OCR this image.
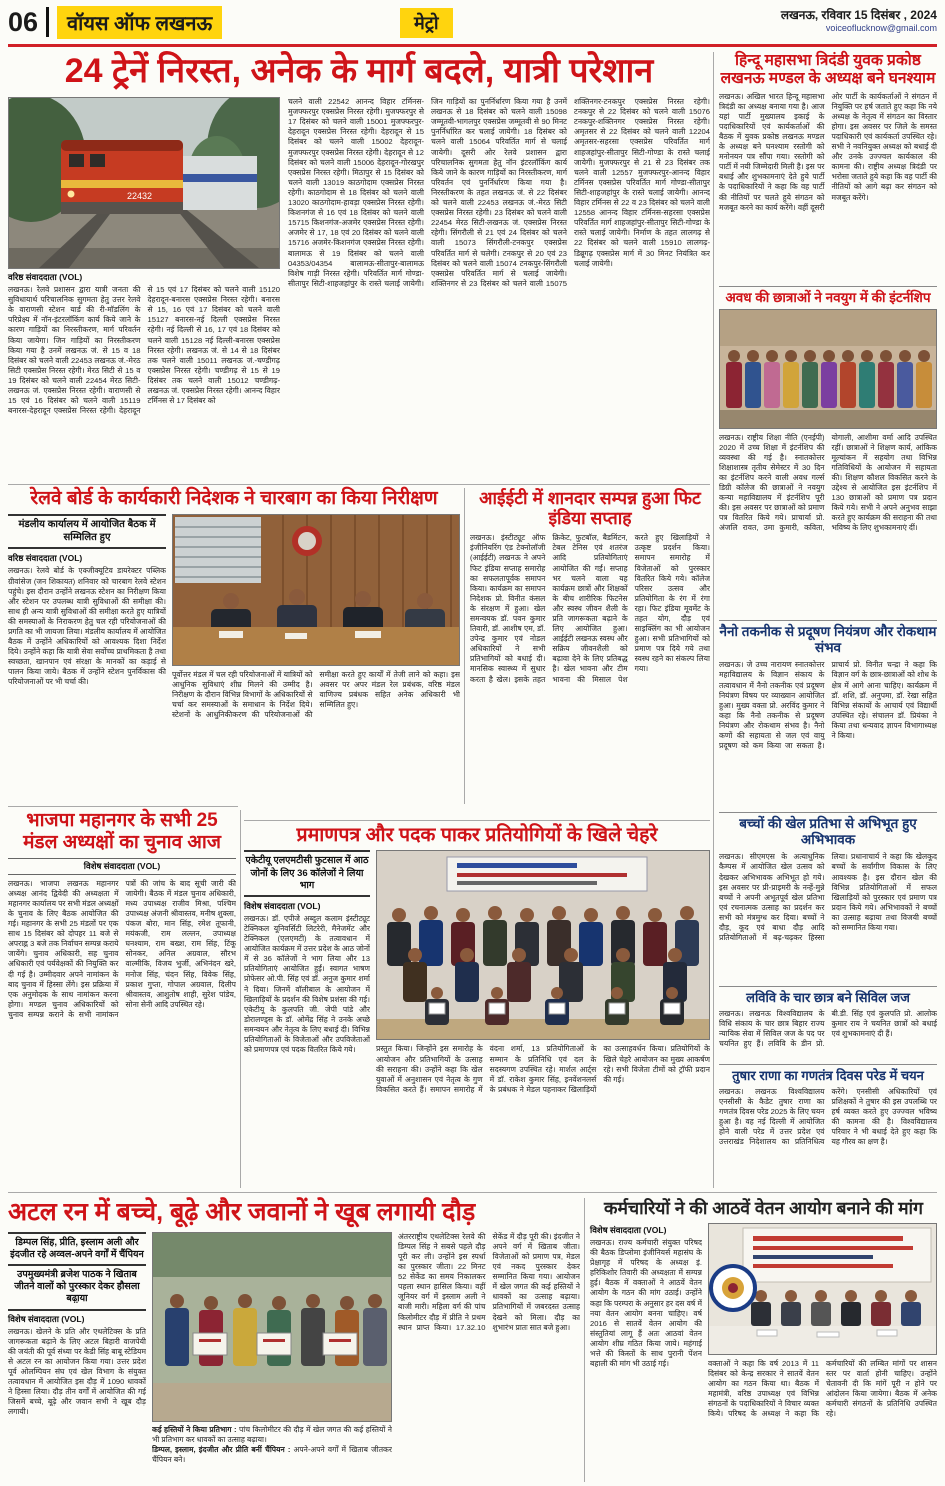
06	वॉयस ऑफ लखनऊ	मेट्रो	लखनऊ, रविवार 15 दिसंबर , 2024
voiceoflucknow@gmail.com
24 ट्रेनें निरस्त, अनेक के मार्ग बदले, यात्री परेशान
22432
वरिष्ठ संवाददाता (VOL)
लखनऊ। रेलवे प्रशासन द्वारा यात्री जनता की सुविधायार्थ परिचालनिक सुगमता हेतु उत्तर रेलवे के वाराणसी स्टेशन यार्ड की री-मॉडलिंग के परिप्रेक्ष्य में नॉन-इंटरलॉकिंग कार्य किये जाने के कारण गाड़ियों का निरस्तीकरण, मार्ग परिवर्तन किया जायेगा। जिन गाड़ियों का निरस्तीकरण किया गया है उनमें लखनऊ जं. से 15 व 18 दिसंबर को चलने वाली 22453 लखनऊ जं.-मेरठ सिटी एक्सप्रेस निरस्त रहेगी। मेरठ सिटी से 15 व 19 दिसंबर को चलने वाली 22454 मेरठ सिटी-लखनऊ जं. एक्सप्रेस निरस्त रहेगी। वाराणसी से 15 एवं 16 दिसंबर को चलने वाली 15119 बनारस-देहरादून एक्सप्रेस निरस्त रहेगी। देहरादून से 15 एवं 17 दिसंबर को चलने वाली 15120 देहरादून-बनारस एक्सप्रेस निरस्त रहेगी। बनारस से 15, 16 एवं 17 दिसंबर को चलने वाली 15127 बनारस-नई दिल्ली एक्सप्रेस निरस्त रहेगी। नई दिल्ली से 16, 17 एवं 18 दिसंबर को चलने वाली 15128 नई दिल्ली-बनारस एक्सप्रेस निरस्त रहेगी। लखनऊ जं. से 14 से 18 दिसंबर तक चलने वाली 15011 लखनऊ जं.-चण्डीगढ़ एक्सप्रेस निरस्त रहेगी। चण्डीगढ़ से 15 से 19 दिसंबर तक चलने वाली 15012 चण्डीगढ़-लखनऊ जं. एक्सप्रेस निरस्त रहेगी। आनन्द विहार टर्मिनस से 17 दिसंबर को
चलने वाली 22542 आनन्द विहार टर्मिनस-मुजफ्फरपुर एक्सप्रेस निरस्त रहेगी। मुजफ्फरपुर से 17 दिसंबर को चलने वाली 15001 मुजफ्फरपुर-देहरादून एक्सप्रेस निरस्त रहेगी। देहरादून से 15 दिसंबर को चलने वाली 15002 देहरादून-मुजफ्फरपुर एक्सप्रेस निरस्त रहेगी। देहरादून से 12 दिसंबर को चलने वाली 15006 देहरादून-गोरखपुर एक्सप्रेस निरस्त रहेगी। मिठापुर से 15 दिसंबर को चलने वाली 13019 काठगोदाम एक्सप्रेस निरस्त रहेगी। काठगोदाम से 18 दिसंबर को चलने वाली 13020 काठगोदाम-हावड़ा एक्सप्रेस निरस्त रहेगी। किशनगंज से 16 एवं 18 दिसंबर को चलने वाली 15715 किशनगंज-अजमेर एक्सप्रेस निरस्त रहेगी। अजमेर से 17, 18 एवं 20 दिसंबर को चलने वाली 15716 अजमेर-किशनगंज एक्सप्रेस निरस्त रहेगी। बालामऊ से 19 दिसंबर को चलने वाली 04353/04354 बालामऊ-सीतापुर-बालामऊ विशेष गाड़ी निरस्त रहेगी। परिवर्तित मार्ग गोण्डा-सीतापुर सिटी-शाहजहांपुर के रास्ते चलाई जायेगी। जिन गाड़ियों का पुनर्निर्धारण किया गया है उनमें लखनऊ से 18 दिसंबर को चलने वाली 15098 जम्मूतवी-भागलपुर एक्सप्रेस जम्मूतवी से 90 मिनट पुनर्निर्धारित कर चलाई जायेगी। 18 दिसंबर को चलने वाली 15064 परिवर्तित मार्ग से चलाई जायेगी। दूसरी ओर रेलवे प्रशासन द्वारा परिचालनिक सुगमता हेतु नॉन इंटरलॉकिंग कार्य किये जाने के कारण गाड़ियों का निरस्तीकरण, मार्ग परिवर्तन एवं पुनर्निर्धारण किया गया है। निरस्तीकरण के तहत लखनऊ जं. से 22 दिसंबर को चलने वाली 22453 लखनऊ जं.-मेरठ सिटी एक्सप्रेस निरस्त रहेगी। 23 दिसंबर को चलने वाली 22454 मेरठ सिटी-लखनऊ जं. एक्सप्रेस निरस्त रहेगी। सिंगरौली से 21 एवं 24 दिसंबर को चलने वाली 15073 सिंगरौली-टनकपुर एक्सप्रेस परिवर्तित मार्ग से चलेगी। टनकपुर से 20 एवं 23 दिसंबर को चलने वाली 15074 टनकपुर-सिंगरौली एक्सप्रेस परिवर्तित मार्ग से चलाई जायेगी। शक्तिनगर से 23 दिसंबर को चलने वाली 15075 शक्तिनगर-टनकपुर एक्सप्रेस निरस्त रहेगी। टनकपुर से 22 दिसंबर को चलने वाली 15076 टनकपुर-शक्तिनगर एक्सप्रेस निरस्त रहेगी। अमृतसर से 22 दिसंबर को चलने वाली 12204 अमृतसर-सहरसा एक्सप्रेस परिवर्तित मार्ग शाहजहांपुर-सीतापुर सिटी-गोण्डा के रास्ते चलाई जायेगी। मुजफ्फरपुर से 21 से 23 दिसंबर तक चलने वाली 12557 मुजफ्फरपुर-आनन्द विहार टर्मिनस एक्सप्रेस परिवर्तित मार्ग गोण्डा-सीतापुर सिटी-शाहजहांपुर के रास्ते चलाई जायेगी। आनन्द विहार टर्मिनस से 22 व 23 दिसंबर को चलने वाली 12558 आनन्द विहार टर्मिनस-सहरसा एक्सप्रेस परिवर्तित मार्ग शाहजहांपुर-सीतापुर सिटी-गोण्डा के रास्ते चलाई जायेगी। निर्माण के तहत लालगढ़ से 22 दिसंबर को चलने वाली 15910 लालगढ़-डिब्रूगढ़ एक्सप्रेस मार्ग में 30 मिनट नियंत्रित कर चलाई जायेगी।
हिन्दू महासभा त्रिदंडी युवक प्रकोष्ठ लखनऊ मण्डल के अध्यक्ष बने घनश्याम
लखनऊ। अखिल भारत हिन्दू महासभा त्रिदंडी का अध्यक्ष बनाया गया है। आज यहां पार्टी मुख्यालय इकाई के पदाधिकारियों एवं कार्यकर्ताओं की बैठक में युवक प्रकोष्ठ लखनऊ मण्डल के अध्यक्ष बने घनश्याम रस्तोगी को मनोनयन पत्र सौंपा गया। रस्तोगी को पार्टी में नयी जिम्मेदारी मिली है। इस पर बधाई और शुभकामनाएं देते हुये पार्टी के पदाधिकारियों ने कहा कि वह पार्टी की नीतियों पर चलते हुये संगठन को मजबूत करने का कार्य करेंगे। वहीं दूसरी ओर पार्टी के कार्यकर्ताओं ने संगठन में नियुक्ति पर हर्ष जताते हुए कहा कि नये अध्यक्ष के नेतृत्व में संगठन का विस्तार होगा। इस अवसर पर जिले के समस्त पदाधिकारी एवं कार्यकर्ता उपस्थित रहे। सभी ने नवनियुक्त अध्यक्ष को बधाई दी और उनके उज्ज्वल कार्यकाल की कामना की। राष्ट्रीय अध्यक्ष त्रिदंडी पर भरोसा जताते हुये कहा कि वह पार्टी की नीतियों को आगे बढ़ा कर संगठन को मजबूत करेंगे।
अवध की छात्राओं ने नवयुग में की इंटर्नशिप
लखनऊ। राष्ट्रीय शिक्षा नीति (एनईपी) 2020 में उच्च शिक्षा में इंटर्नशिप की व्यवस्था की गई है। स्नातकोत्तर शिक्षाशास्त्र तृतीय सेमेस्टर में 30 दिन का इंटर्नशिप करने वाली अवध गर्ल्स डिग्री कॉलेज की छात्राओं ने नवयुग कन्या महाविद्यालय में इंटर्नशिप पूरी की। इस अवसर पर छात्राओं को प्रमाण पत्र वितरित किये गये। प्राचार्या प्रो. अंजलि रावत, उमा कुमारी, कविता, योगाली, आशीमा वर्मा आदि उपस्थित रहीं। छात्राओं ने शिक्षण कार्य, आंकिक मूल्यांकन में सहयोग तथा विभिन्न गतिविधियों के आयोजन में सहायता की। शिक्षण कौशल विकसित करने के उद्देश्य से आयोजित इस इंटर्नशिप में 130 छात्राओं को प्रमाण पत्र प्रदान किये गये। सभी ने अपने अनुभव साझा करते हुए कार्यक्रम की सराहना की तथा भविष्य के लिए शुभकामनाएं दीं।
नैनो तकनीक से प्रदूषण नियंत्रण और रोकथाम संभव
लखनऊ। जे उच्च नारायण स्नातकोत्तर महाविद्यालय के विज्ञान संकाय के तत्वावधान में नैनो तकनीक एवं प्रदूषण नियंत्रण विषय पर व्याख्यान आयोजित हुआ। मुख्य वक्ता प्रो. अरविंद कुमार ने कहा कि नैनो तकनीक से प्रदूषण नियंत्रण और रोकथाम संभव है। नैनो कणों की सहायता से जल एवं वायु प्रदूषण को कम किया जा सकता है। प्राचार्य प्रो. विनीत चन्द्रा ने कहा कि विज्ञान वर्ग के छात्र-छात्राओं को शोध के क्षेत्र में आगे आना चाहिए। कार्यक्रम में डॉ. शशि, डॉ. अनुपमा, डॉ. रेखा सहित विभिन्न संकायों के आचार्य एवं विद्यार्थी उपस्थित रहे। संचालन डॉ. प्रियंका ने किया तथा धन्यवाद ज्ञापन विभागाध्यक्ष ने किया।
बच्चों की खेल प्रतिभा से अभिभूत हुए अभिभावक
लखनऊ। सीएमएस के अत्याधुनिक कैम्पस में आयोजित खेल उत्सव को देखकर अभिभावक अभिभूत हो गये। इस अवसर पर प्री-प्राइमरी के नन्हें-मुन्ने बच्चों ने अपनी अभूतपूर्व खेल प्रतिभा एवं रचनात्मक उत्साह का प्रदर्शन कर सभी को मंत्रमुग्ध कर दिया। बच्चों ने दौड़, कूद एवं बाधा दौड़ आदि प्रतियोगिताओं में बढ़-चढ़कर हिस्सा लिया। प्रधानाचार्य ने कहा कि खेलकूद बच्चों के सर्वांगीण विकास के लिए आवश्यक है। इस दौरान खेल की विभिन्न प्रतियोगिताओं में सफल खिलाड़ियों को पुरस्कार एवं प्रमाण पत्र प्रदान किये गये। अभिभावकों ने बच्चों का उत्साह बढ़ाया तथा विजयी बच्चों को सम्मानित किया गया।
लविवि के चार छात्र बने सिविल जज
लखनऊ। लखनऊ विश्वविद्यालय के विधि संकाय के चार छात्र बिहार राज्य न्यायिक सेवा में सिविल जज के पद पर चयनित हुए हैं। लविवि के डीन प्रो. बी.डी. सिंह एवं कुलपति प्रो. आलोक कुमार राय ने चयनित छात्रों को बधाई एवं शुभकामनाएं दी हैं।
तुषार राणा का गणतंत्र दिवस परेड में चयन
लखनऊ। लखनऊ विश्वविद्यालय एनसीसी के कैडेट तुषार राणा का गणतंत्र दिवस परेड 2025 के लिए चयन हुआ है। वह नई दिल्ली में आयोजित होने वाली परेड में उत्तर प्रदेश एवं उत्तराखंड निदेशालय का प्रतिनिधित्व करेंगे। एनसीसी अधिकारियों एवं प्रशिक्षकों ने तुषार की इस उपलब्धि पर हर्ष व्यक्त करते हुए उज्ज्वल भविष्य की कामना की है। विश्वविद्यालय परिवार ने भी बधाई देते हुए कहा कि यह गौरव का क्षण है।
रेलवे बोर्ड के कार्यकारी निदेशक ने चारबाग का किया निरीक्षण
मंडलीय कार्यालय में आयोजित बैठक में सम्मिलित हुए
वरिष्ठ संवाददाता (VOL)
लखनऊ। रेलवे बोर्ड के एक्जीक्यूटिव डायरेक्टर पब्लिक ग्रीवांसेज (जन शिकायत) शनिवार को चारबाग रेलवे स्टेशन पहुंचे। इस दौरान उन्होंने लखनऊ स्टेशन का निरीक्षण किया और स्टेशन पर उपलब्ध यात्री सुविधाओं की समीक्षा की। साथ ही अन्य यात्री सुविधाओं की समीक्षा करते हुए यात्रियों की समस्याओं के निराकरण हेतु चल रही परियोजनाओं की प्रगति का भी जायजा लिया। मंडलीय कार्यालय में आयोजित बैठक में उन्होंने अधिकारियों को आवश्यक दिशा निर्देश दिये। उन्होंने कहा कि यात्री सेवा सर्वोच्च प्राथमिकता है तथा स्वच्छता, खानपान एवं संरक्षा के मानकों का कड़ाई से पालन किया जाये। बैठक में उन्होंने स्टेशन पुनर्विकास की परियोजनाओं पर भी चर्चा की।
पूर्वोत्तर मंडल में चल रही परियोजनाओं में यात्रियों को आधुनिक सुविधाएं शीघ्र मिलने की उम्मीद है। निरीक्षण के दौरान विभिन्न विभागों के अधिकारियों से चर्चा कर समस्याओं के समाधान के निर्देश दिये। स्टेशनों के आधुनिकीकरण की परियोजनाओं की समीक्षा करते हुए कार्यों में तेजी लाने को कहा। इस अवसर पर अपर मंडल रेल प्रबंधक, वरिष्ठ मंडल वाणिज्य प्रबंधक सहित अनेक अधिकारी भी सम्मिलित हुए।
आईईटी में शानदार सम्पन्न हुआ फिट इंडिया सप्ताह
लखनऊ। इंस्टीट्यूट ऑफ इंजीनियरिंग एंड टेक्नोलॉजी (आईईटी) लखनऊ ने अपने फिट इंडिया सप्ताह समारोह का सफलतापूर्वक समापन किया। कार्यक्रम का समापन निदेशक प्रो. विनीत कंसल के संरक्षण में हुआ। खेल समन्वयक डॉ. पवन कुमार तिवारी, डॉ. आशीष एम, डॉ. उपेन्द्र कुमार एवं नोडल अधिकारियों ने सभी प्रतिभागियों को बधाई दी। मानसिक स्वास्थ्य में सुधार करता है खेल। इसके तहत क्रिकेट, फुटबॉल, बैडमिंटन, टेबल टेनिस एवं शतरंज आदि प्रतियोगिताएं आयोजित की गईं। सप्ताह भर चलने वाला यह कार्यक्रम छात्रों और शिक्षकों के बीच शारीरिक फिटनेस और स्वस्थ जीवन शैली के प्रति जागरूकता बढ़ाने के लिए आयोजित हुआ। आईईटी लखनऊ स्वस्थ और सक्रिय जीवनशैली को बढ़ावा देने के लिए प्रतिबद्ध है। खेल भावना और टीम भावना की मिसाल पेश करते हुए खिलाड़ियों ने उत्कृष्ट प्रदर्शन किया। समापन समारोह में विजेताओं को पुरस्कार वितरित किये गये। कॉलेज परिसर उत्सव और प्रतियोगिता के रंग में रंगा रहा। फिट इंडिया मूवमेंट के तहत योग, दौड़ एवं साइक्लिंग का भी आयोजन हुआ। सभी प्रतिभागियों को प्रमाण पत्र दिये गये तथा स्वस्थ रहने का संकल्प लिया गया।
भाजपा महानगर के सभी 25 मंडल अध्यक्षों का चुनाव आज
विशेष संवाददाता (VOL)
लखनऊ। भाजपा लखनऊ महानगर अध्यक्ष आनंद द्विवेदी की अध्यक्षता में महानगर कार्यालय पर सभी मंडल अध्यक्षों के चुनाव के लिए बैठक आयोजित की गई। महानगर के सभी 25 मंडलों पर एक साथ 15 दिसंबर को दोपहर 11 बजे से अपराह्न 3 बजे तक निर्वाचन सम्पन्न कराये जायेंगे। चुनाव अधिकारी, सह चुनाव अधिकारी एवं पर्यवेक्षकों की नियुक्ति कर दी गई है। उम्मीदवार अपने नामांकन के बाद चुनाव में हिस्सा लेंगे। इस प्रक्रिया में एक अनुमोदक के साथ नामांकन करना होगा। मण्डल चुनाव अधिकारियों को चुनाव सम्पन्न कराने के सभी नामांकन पत्रों की जांच के बाद सूची जारी की जायेगी। बैठक में मंडल चुनाव अधिकारी, मध्य उपाध्यक्ष राजीव मिश्रा, पश्चिम उपाध्यक्ष अंजनी श्रीवास्तव, मनीष शुक्ला, पंकज बोरा, मान सिंह, रमेश तूफानी, मयंकजी, राम लल्लन, उपाध्यक्ष घनश्याम, राम बख्श, राम सिंह, टिंकू सोनकर, अनिल अग्रवाल, सौरभ वाल्मीकि, विजय भुर्जी, अभिनंदन खरे, मनोज सिंह, चंदन सिंह, विवेक सिंह, प्रकाश गुप्ता, गोपाल अग्रवाल, दिलीप श्रीवास्तव, आशुतोष शाही, सुरेश पांडेय, सोना सेनी आदि उपस्थित रहे।
प्रमाणपत्र और पदक पाकर प्रतियोगियों के खिले चेहरे
एकेटीयू एलएमटीसी फुटसाल में आठ जोनों के लिए 36 कॉलेजों ने लिया भाग
विशेष संवाददाता (VOL)
लखनऊ। डॉ. एपीजे अब्दुल कलाम इंस्टीट्यूट टेक्निकल यूनिवर्सिटी लिटरेरी, मैनेजमेंट और टेक्निकल (एलएमटी) के तत्वावधान में आयोजित कार्यक्रम में उत्तर प्रदेश के आठ जोनों में से 36 कॉलेजों ने भाग लिया और 13 प्रतियोगिताएं आयोजित हुईं। स्वागत भाषण प्रोफेसर ओ.पी. सिंह एवं डॉ. अनुज कुमार शर्मा ने दिया। जिनमें वॉलीबाल के आयोजन में खिलाड़ियों के प्रदर्शन की विशेष प्रशंसा की गई। एकेटीयू के कुलपति जी. जेपी पांडे और डोरालण्ड्स के डॉ. ओमेंद्र सिंह ने उनके अच्छे समन्वयन और नेतृत्व के लिए बधाई दी। विभिन्न प्रतियोगिताओं के विजेताओं और उपविजेताओं को प्रमाणपत्र एवं पदक वितरित किये गये।	प्रस्तुत किया। जिन्होंने इस समारोह के आयोजन और प्रतिभागियों के उत्साह की सराहना की। उन्होंने कहा कि खेल युवाओं में अनुशासन एवं नेतृत्व के गुण विकसित करते हैं। समापन समारोह में वंदना शर्मा, 13 प्रतियोगिताओं के सम्मान के प्रतिनिधि एवं दल के सदस्यगण उपस्थित रहे। मार्शल आर्ट्स में डॉ. राकेश कुमार सिंह, इनवेंशनलर्स के प्रबंधक ने मेडल पहनाकर खिलाड़ियों का उत्साहवर्धन किया। प्रतियोगियों के खिले चेहरे आयोजन का मुख्य आकर्षण रहे। सभी विजेता टीमों को ट्रॉफी प्रदान की गई।
अटल रन में बच्चे, बूढ़े और जवानों ने खूब लगायी दौड़
डिम्पल सिंह, प्रीति, इस्लाम अली और इंदजीत रहे अव्वल-अपने वर्गों में चैंपियन
उपमुख्यमंत्री ब्रजेश पाठक ने खिताब जीतने वालों को पुरस्कार देकर हौसला बढ़ा़या
विशेष संवाददाता (VOL)
लखनऊ। खेलने के प्रति और एथलेटिक्स के प्रति जागरूकता बढ़ाने के लिए अटल बिहारी वाजपेयी की जयंती की पूर्व संध्या पर केडी सिंह बाबू स्टेडियम से अटल रन का आयोजन किया गया। उत्तर प्रदेश पूर्व ओलम्पियन संघ एवं खेल विभाग के संयुक्त तत्वावधान में आयोजित इस दौड़ में 1090 धावकों ने हिस्सा लिया। दौड़ तीन वर्गों में आयोजित की गई जिसमें बच्चे, बूढ़े और जवान सभी ने खूब दौड़ लगायी।
कई हस्तियों ने किया प्रतिभाग : पांच किलोमीटर की दौड़ में खेल जगत की कई हस्तियों ने भी प्रतिभाग कर धावकों का उत्साह बढ़ाया।
डिम्पल, इस्लाम, इंदजीत और प्रीति बनीं चैंपियन : अपने-अपने वर्गों में खिताब जीतकर चैंपियन बने।
अंतरराष्ट्रीय एथलेटिक्स रेलवे की डिम्पल सिंह ने सबसे पहले दौड़ पूरी कर ली। उन्होंने इस स्पर्धा का पुरस्कार जीता। 22 मिनट 52 सेकेंड का समय निकालकर पहला स्थान हासिल किया। वहीं जूनियर वर्ग में इस्लाम अली ने बाजी मारी। महिला वर्ग की पांच किलोमीटर दौड़ में प्रीति ने प्रथम स्थान प्राप्त किया। 17.32.10 सेकेंड में दौड़ पूरी की। इंदजीत ने अपने वर्ग में खिताब जीता। विजेताओं को प्रमाण पत्र, मेडल एवं नकद पुरस्कार देकर सम्मानित किया गया। आयोजन में खेल जगत की कई हस्तियों ने धावकों का उत्साह बढ़ाया। प्रतिभागियों में जबरदस्त उत्साह देखने को मिला। दौड़ का शुभारंभ प्रातः सात बजे हुआ।
कर्मचारियों ने की आठवें वेतन आयोग बनाने की मांग
विशेष संवाददाता (VOL)
लखनऊ। राज्य कर्मचारी संयुक्त परिषद की बैठक डिप्लोमा इंजीनियर्स महासंघ के प्रेक्षागृह में परिषद के अध्यक्ष इं. हरिकिशोर तिवारी की अध्यक्षता में सम्पन्न हुई। बैठक में वक्ताओं ने आठवें वेतन आयोग के गठन की मांग उठाई। उन्होंने कहा कि परम्परा के अनुसार हर दस वर्ष में नया वेतन आयोग बनना चाहिए। वर्ष 2016 से सातवें वेतन आयोग की संस्तुतियां लागू हैं अतः आठवां वेतन आयोग शीघ्र गठित किया जाये। महंगाई भत्ते की किस्तों के साथ पुरानी पेंशन बहाली की मांग भी उठाई गई।	वक्ताओं ने कहा कि वर्ष 2013 में 11 दिसंबर को केन्द्र सरकार ने सातवें वेतन आयोग का गठन किया था। बैठक में महामंत्री, वरिष्ठ उपाध्यक्ष एवं विभिन्न संगठनों के पदाधिकारियों ने विचार व्यक्त किये। परिषद के अध्यक्ष ने कहा कि कर्मचारियों की लम्बित मांगों पर शासन स्तर पर वार्ता होनी चाहिए। उन्होंने चेतावनी दी कि मांगें पूरी न होने पर आंदोलन किया जायेगा। बैठक में अनेक कर्मचारी संगठनों के प्रतिनिधि उपस्थित रहे।
